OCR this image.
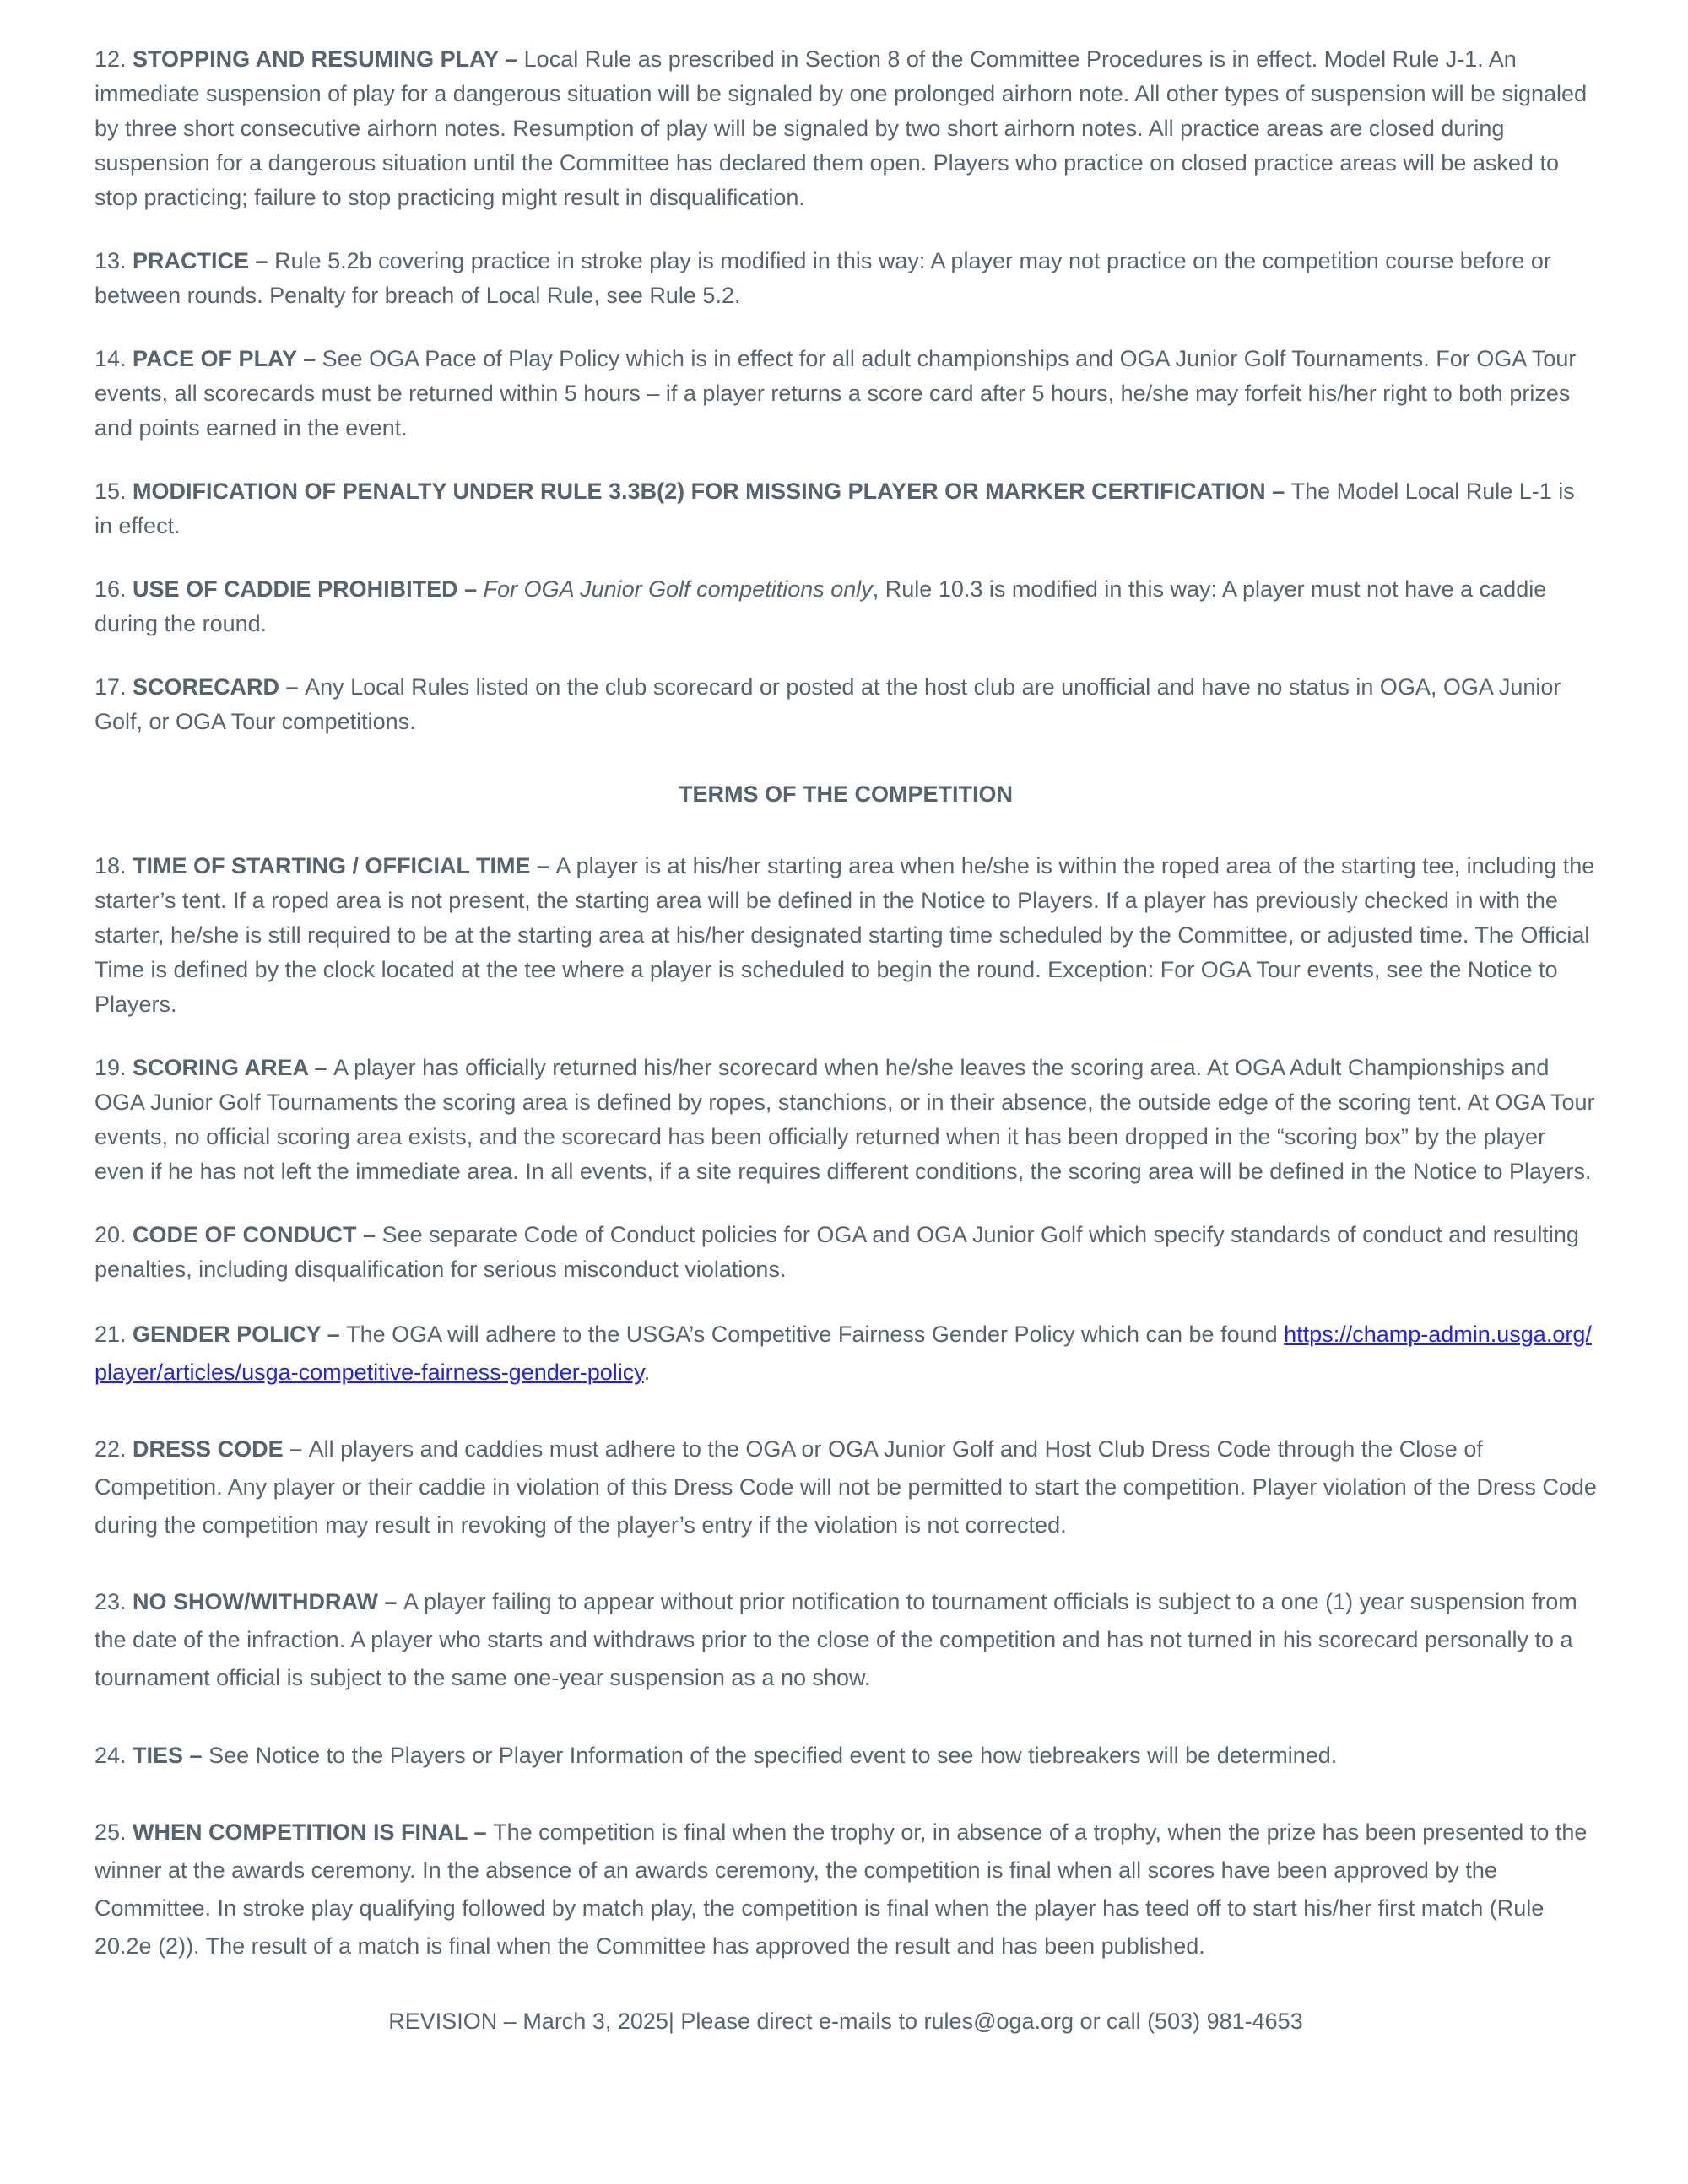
12. STOPPING AND RESUMING PLAY – Local Rule as prescribed in Section 8 of the Committee Procedures is in effect. Model Rule J-1. An immediate suspension of play for a dangerous situation will be signaled by one prolonged airhorn note. All other types of suspension will be signaled by three short consecutive airhorn notes. Resumption of play will be signaled by two short airhorn notes. All practice areas are closed during suspension for a dangerous situation until the Committee has declared them open. Players who practice on closed practice areas will be asked to stop practicing; failure to stop practicing might result in disqualification.

13. PRACTICE – Rule 5.2b covering practice in stroke play is modified in this way: A player may not practice on the competition course before or between rounds. Penalty for breach of Local Rule, see Rule 5.2.

14. PACE OF PLAY – See OGA Pace of Play Policy which is in effect for all adult championships and OGA Junior Golf Tournaments. For OGA Tour events, all scorecards must be returned within 5 hours – if a player returns a score card after 5 hours, he/she may forfeit his/her right to both prizes and points earned in the event.

15. MODIFICATION OF PENALTY UNDER RULE 3.3B(2) FOR MISSING PLAYER OR MARKER CERTIFICATION – The Model Local Rule L-1 is in effect.

16. USE OF CADDIE PROHIBITED – For OGA Junior Golf competitions only, Rule 10.3 is modified in this way: A player must not have a caddie during the round.

17. SCORECARD – Any Local Rules listed on the club scorecard or posted at the host club are unofficial and have no status in OGA, OGA Junior Golf, or OGA Tour competitions.

TERMS OF THE COMPETITION

18. TIME OF STARTING / OFFICIAL TIME – A player is at his/her starting area when he/she is within the roped area of the starting tee, including the starter’s tent. If a roped area is not present, the starting area will be defined in the Notice to Players. If a player has previously checked in with the starter, he/she is still required to be at the starting area at his/her designated starting time scheduled by the Committee, or adjusted time. The Official Time is defined by the clock located at the tee where a player is scheduled to begin the round. Exception: For OGA Tour events, see the Notice to Players.

19. SCORING AREA – A player has officially returned his/her scorecard when he/she leaves the scoring area. At OGA Adult Championships and OGA Junior Golf Tournaments the scoring area is defined by ropes, stanchions, or in their absence, the outside edge of the scoring tent. At OGA Tour events, no official scoring area exists, and the scorecard has been officially returned when it has been dropped in the “scoring box” by the player even if he has not left the immediate area. In all events, if a site requires different conditions, the scoring area will be defined in the Notice to Players.

20. CODE OF CONDUCT – See separate Code of Conduct policies for OGA and OGA Junior Golf which specify standards of conduct and resulting penalties, including disqualification for serious misconduct violations.

21. GENDER POLICY – The OGA will adhere to the USGA’s Competitive Fairness Gender Policy which can be found https://champ-admin.usga.org/player/articles/usga-competitive-fairness-gender-policy.

22. DRESS CODE – All players and caddies must adhere to the OGA or OGA Junior Golf and Host Club Dress Code through the Close of Competition. Any player or their caddie in violation of this Dress Code will not be permitted to start the competition. Player violation of the Dress Code during the competition may result in revoking of the player’s entry if the violation is not corrected.

23. NO SHOW/WITHDRAW – A player failing to appear without prior notification to tournament officials is subject to a one (1) year suspension from the date of the infraction. A player who starts and withdraws prior to the close of the competition and has not turned in his scorecard personally to a tournament official is subject to the same one-year suspension as a no show.

24. TIES – See Notice to the Players or Player Information of the specified event to see how tiebreakers will be determined.

25. WHEN COMPETITION IS FINAL – The competition is final when the trophy or, in absence of a trophy, when the prize has been presented to the winner at the awards ceremony. In the absence of an awards ceremony, the competition is final when all scores have been approved by the Committee. In stroke play qualifying followed by match play, the competition is final when the player has teed off to start his/her first match (Rule 20.2e (2)). The result of a match is final when the Committee has approved the result and has been published.

REVISION – March 3, 2025| Please direct e-mails to rules@oga.org or call (503) 981-4653
